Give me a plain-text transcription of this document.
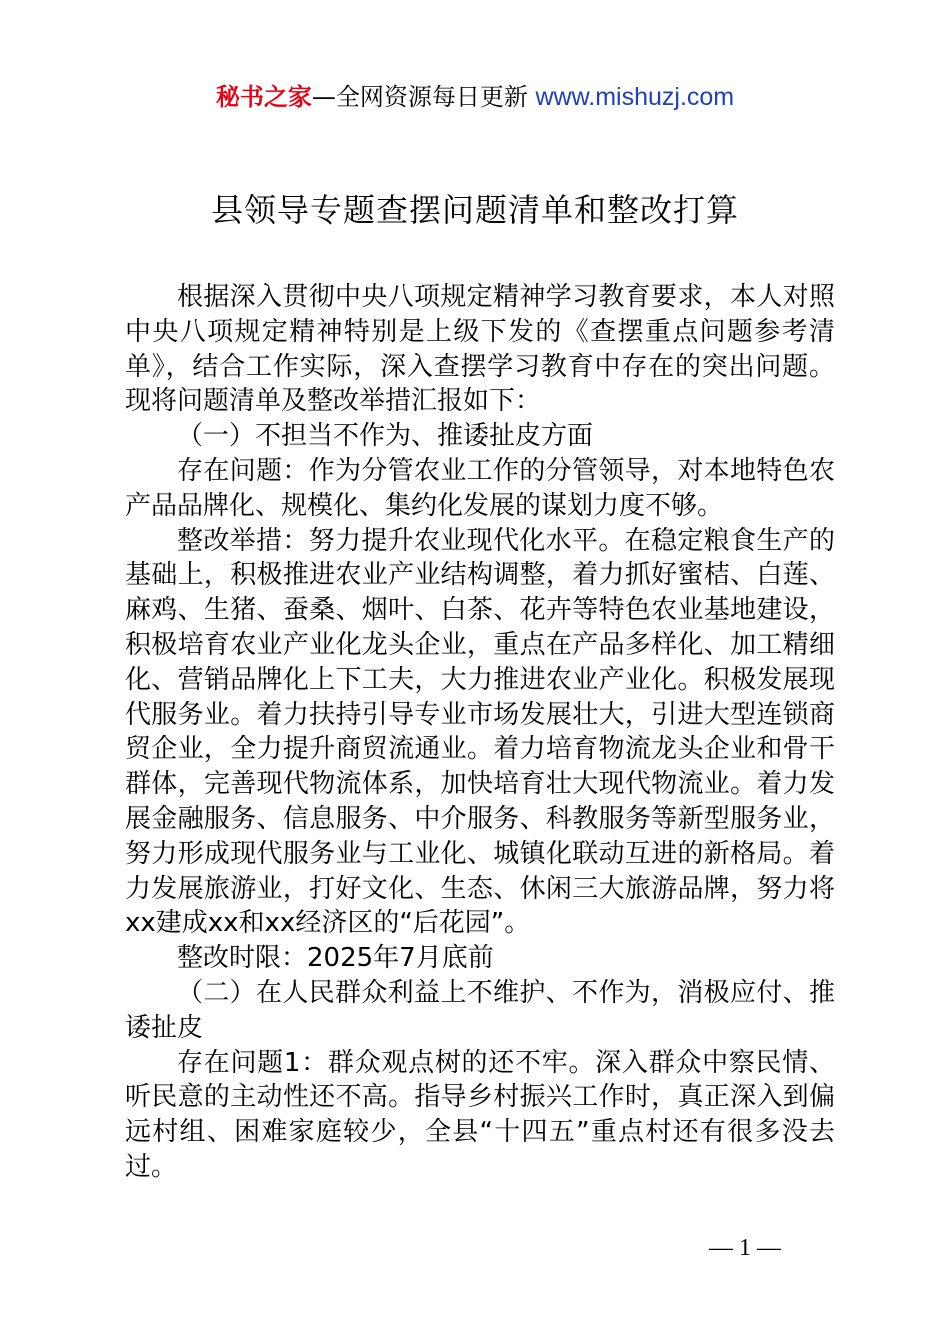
秘书之家—全网资源每日更新 www.mishuzj.com
县领导专题查摆问题清单和整改打算

根据深入贯彻中央八项规定精神学习教育要求，本人对照中央八项规定精神特别是上级下发的《查摆重点问题参考清单》，结合工作实际，深入查摆学习教育中存在的突出问题。现将问题清单及整改举措汇报如下：

（一）不担当不作为、推诿扯皮方面

存在问题：作为分管农业工作的分管领导，对本地特色农产品品牌化、规模化、集约化发展的谋划力度不够。

整改举措：努力提升农业现代化水平。在稳定粮食生产的基础上，积极推进农业产业结构调整，着力抓好蜜桔、白莲、麻鸡、生猪、蚕桑、烟叶、白茶、花卉等特色农业基地建设，积极培育农业产业化龙头企业，重点在产品多样化、加工精细化、营销品牌化上下工夫，大力推进农业产业化。积极发展现代服务业。着力扶持引导专业市场发展壮大，引进大型连锁商贸企业，全力提升商贸流通业。着力培育物流龙头企业和骨干群体，完善现代物流体系，加快培育壮大现代物流业。着力发展金融服务、信息服务、中介服务、科教服务等新型服务业，努力形成现代服务业与工业化、城镇化联动互进的新格局。着力发展旅游业，打好文化、生态、休闲三大旅游品牌，努力将xx建成xx和xx经济区的“后花园”。

整改时限：2025年7月底前

（二）在人民群众利益上不维护、不作为，消极应付、推诿扯皮

存在问题1：群众观点树的还不牢。深入群众中察民情、听民意的主动性还不高。指导乡村振兴工作时，真正深入到偏远村组、困难家庭较少，全县“十四五”重点村还有很多没去过。

— 1 —
